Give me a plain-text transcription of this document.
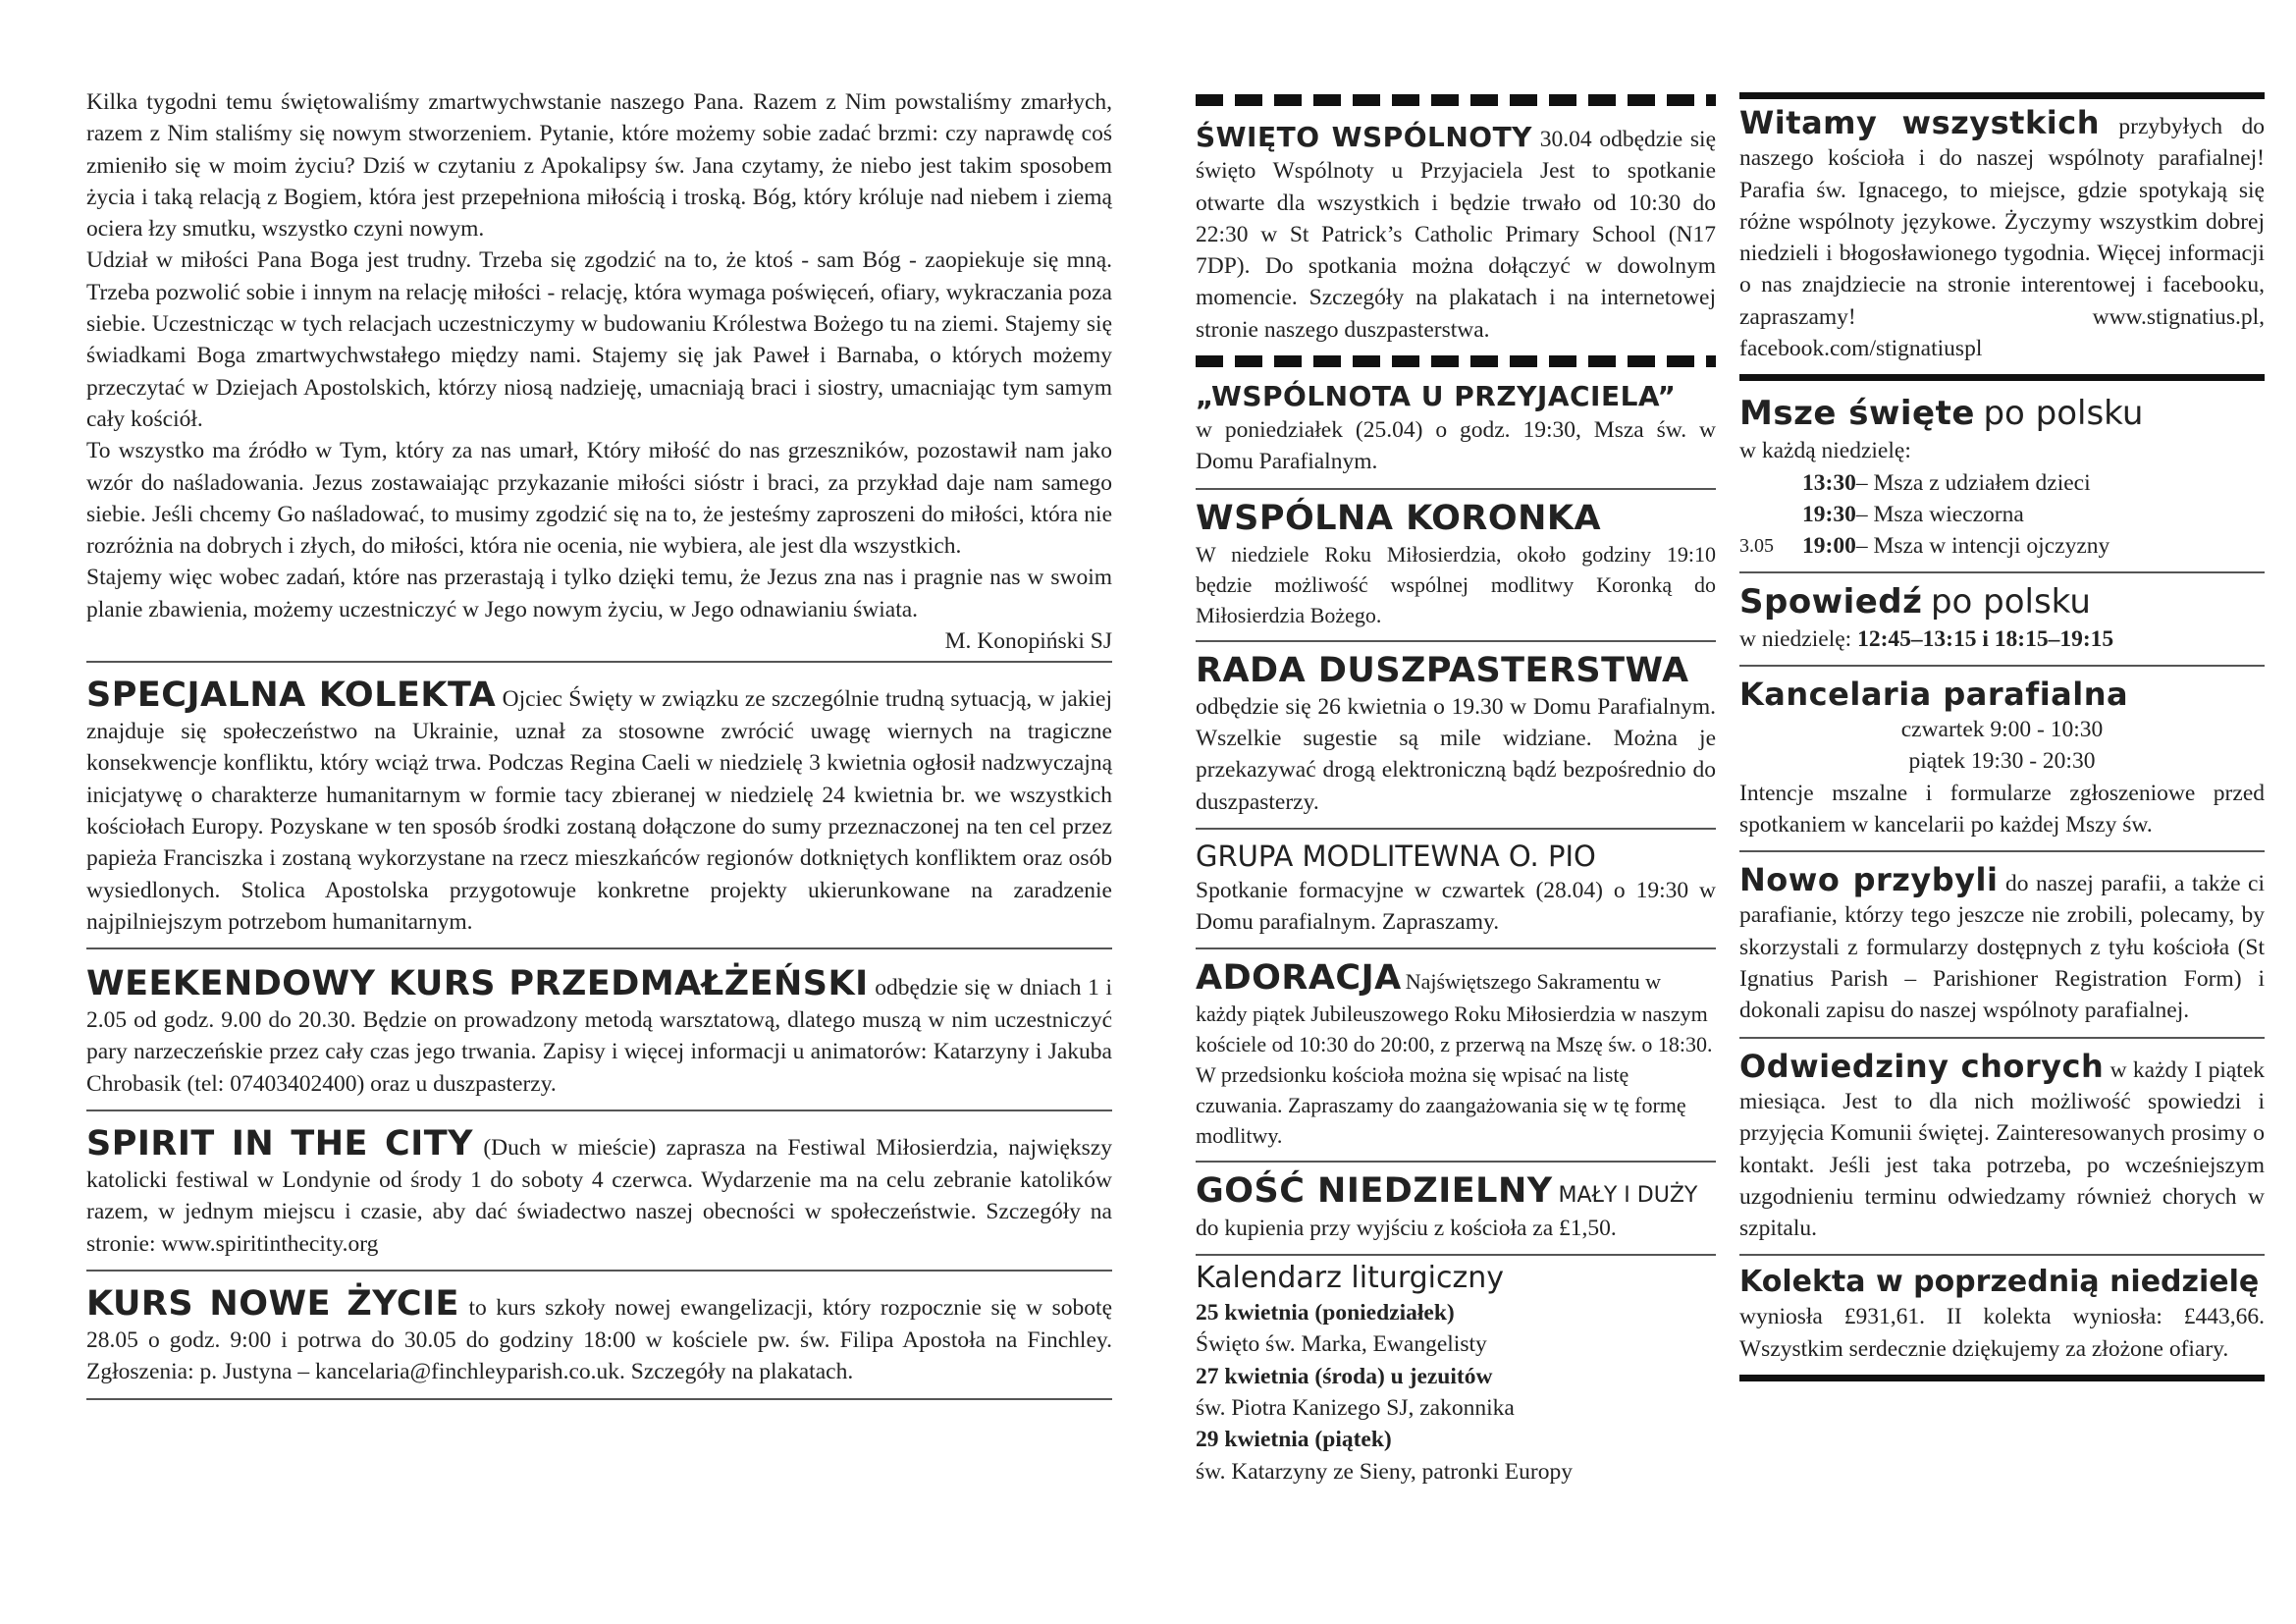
Kilka tygodni temu świętowaliśmy zmartwychwstanie naszego Pana. Razem z Nim powstaliśmy zmarłych, razem z Nim staliśmy się nowym stworzeniem. Pytanie, które możemy sobie zadać brzmi: czy naprawdę coś zmieniło się w moim życiu? Dziś w czytaniu z Apokalipsy św. Jana czytamy, że niebo jest takim sposobem życia i taką relacją z Bogiem, która jest przepełniona miłością i troską. Bóg, który króluje nad niebem i ziemą ociera łzy smutku, wszystko czyni nowym.

Udział w miłości Pana Boga jest trudny. Trzeba się zgodzić na to, że ktoś - sam Bóg - zaopiekuje się mną. Trzeba pozwolić sobie i innym na relację miłości - relację, która wymaga poświęceń, ofiary, wykraczania poza siebie. Uczestnicząc w tych relacjach uczestniczymy w budowaniu Królestwa Bożego tu na ziemi. Stajemy się świadkami Boga zmartwychwstałego między nami. Stajemy się jak Paweł i Barnaba, o których możemy przeczytać w Dziejach Apostolskich, którzy niosą nadzieję, umacniają braci i siostry, umacniając tym samym cały kościół.

To wszystko ma źródło w Tym, który za nas umarł, Który miłość do nas grzeszników, pozostawił nam jako wzór do naśladowania. Jezus zostawaiając przykazanie miłości sióstr i braci, za przykład daje nam samego siebie. Jeśli chcemy Go naśladować, to musimy zgodzić się na to, że jesteśmy zaproszeni do miłości, która nie rozróżnia na dobrych i złych, do miłości, która nie ocenia, nie wybiera, ale jest dla wszystkich.

Stajemy więc wobec zadań, które nas przerastają i tylko dzięki temu, że Jezus zna nas i pragnie nas w swoim planie zbawienia, możemy uczestniczyć w Jego nowym życiu, w Jego odnawianiu świata.

M. Konopiński SJ
SPECJALNA KOLEKTA Ojciec Święty w związku ze szczególnie trudną sytuacją, w jakiej znajduje się społeczeństwo na Ukrainie, uznał za stosowne zwrócić uwagę wiernych na tragiczne konsekwencje konfliktu, który wciąż trwa. Podczas Regina Caeli w niedzielę 3 kwietnia ogłosił nadzwyczajną inicjatywę o charakterze humanitarnym w formie tacy zbieranej w niedzielę 24 kwietnia br. we wszystkich kościołach Europy. Pozyskane w ten sposób środki zostaną dołączone do sumy przeznaczonej na ten cel przez papieża Franciszka i zostaną wykorzystane na rzecz mieszkańców regionów dotkniętych konfliktem oraz osób wysiedlonych. Stolica Apostolska przygotowuje konkretne projekty ukierunkowane na zaradzenie najpilniejszym potrzebom humanitarnym.
WEEKENDOWY KURS PRZEDMAŁŻEŃSKI odbędzie się w dniach 1 i 2.05 od godz. 9.00 do 20.30. Będzie on prowadzony metodą warsztatową, dlatego muszą w nim uczestniczyć pary narzeczeńskie przez cały czas jego trwania. Zapisy i więcej informacji u animatorów: Katarzyny i Jakuba Chrobasik (tel: 07403402400) oraz u duszpasterzy.
SPIRIT IN THE CITY (Duch w mieście) zaprasza na Festiwal Miłosierdzia, największy katolicki festiwal w Londynie od środy 1 do soboty 4 czerwca. Wydarzenie ma na celu zebranie katolików razem, w jednym miejscu i czasie, aby dać świadectwo naszej obecności w społeczeństwie. Szczegóły na stronie: www.spiritinthecity.org
KURS NOWE ŻYCIE to kurs szkoły nowej ewangelizacji, który rozpocznie się w sobotę 28.05 o godz. 9:00 i potrwa do 30.05 do godziny 18:00 w kościele pw. św. Filipa Apostoła na Finchley. Zgłoszenia: p. Justyna – kancelaria@finchleyparish.co.uk. Szczegóły na plakatach.
ŚWIĘTO WSPÓLNOTY 30.04 odbędzie się święto Wspólnoty u Przyjaciela Jest to spotkanie otwarte dla wszystkich i będzie trwało od 10:30 do 22:30 w St Patrick’s Catholic Primary School (N17 7DP). Do spotkania można dołączyć w dowolnym momencie. Szczegóły na plakatach i na internetowej stronie naszego duszpasterstwa.
„WSPÓLNOTA U PRZYJACIELA”
w poniedziałek (25.04) o godz. 19:30, Msza św. w Domu Parafialnym.
WSPÓLNA KORONKA
W niedziele Roku Miłosierdzia, około godziny 19:10 będzie możliwość wspólnej modlitwy Koronką do Miłosierdzia Bożego.
RADA DUSZPASTERSTWA
odbędzie się 26 kwietnia o 19.30 w Domu Parafialnym. Wszelkie sugestie są mile widziane. Można je przekazywać drogą elektroniczną bądź bezpośrednio do duszpasterzy.
GRUPA MODLITEWNA O. PIO
Spotkanie formacyjne w czwartek (28.04) o 19:30 w Domu parafialnym. Zapraszamy.
ADORACJA Najświętszego Sakramentu w każdy piątek Jubileuszowego Roku Miłosierdzia w naszym kościele od 10:30 do 20:00, z przerwą na Mszę św. o 18:30. W przedsionku kościoła można się wpisać na listę czuwania. Zapraszamy do zaangażowania się w tę formę modlitwy.
GOŚĆ NIEDZIELNY MAŁY I DUŻY
do kupienia przy wyjściu z kościoła za £1,50.
Kalendarz liturgiczny
25 kwietnia (poniedziałek)
Święto św. Marka, Ewangelisty
27 kwietnia (środa) u jezuitów
św. Piotra Kanizego SJ, zakonnika
29 kwietnia (piątek)
św. Katarzyny ze Sieny, patronki Europy
Witamy wszystkich przybyłych do naszego kościoła i do naszej wspólnoty parafialnej! Parafia św. Ignacego, to miejsce, gdzie spotykają się różne wspólnoty językowe. Życzymy wszystkim dobrej niedzieli i błogosławionego tygodnia. Więcej informacji o nas znajdziecie na stronie interentowej i facebooku, zapraszamy! www.stignatius.pl, facebook.com/stignatiuspl
Msze święte po polsku
w każdą niedzielę:
13:30 – Msza z udziałem dzieci
19:30 – Msza wieczorna
3.05	19:00 – Msza w intencji ojczyzny
Spowiedź po polsku
w niedzielę: 12:45–13:15 i 18:15–19:15
Kancelaria parafialna
czwartek 9:00 - 10:30
piątek 19:30 - 20:30
Intencje mszalne i formularze zgłoszeniowe przed spotkaniem w kancelarii po każdej Mszy św.
Nowo przybyli do naszej parafii, a także ci parafianie, którzy tego jeszcze nie zrobili, polecamy, by skorzystali z formularzy dostępnych z tyłu kościoła (St Ignatius Parish – Parishioner Registration Form) i dokonali zapisu do naszej wspólnoty parafialnej.
Odwiedziny chorych w każdy I piątek miesiąca. Jest to dla nich możliwość spowiedzi i przyjęcia Komunii świętej. Zainteresowanych prosimy o kontakt. Jeśli jest taka potrzeba, po wcześniejszym uzgodnieniu terminu odwiedzamy również chorych w szpitalu.
Kolekta w poprzednią niedzielę
wyniosła £931,61. II kolekta wyniosła: £443,66. Wszystkim serdecznie dziękujemy za złożone ofiary.
